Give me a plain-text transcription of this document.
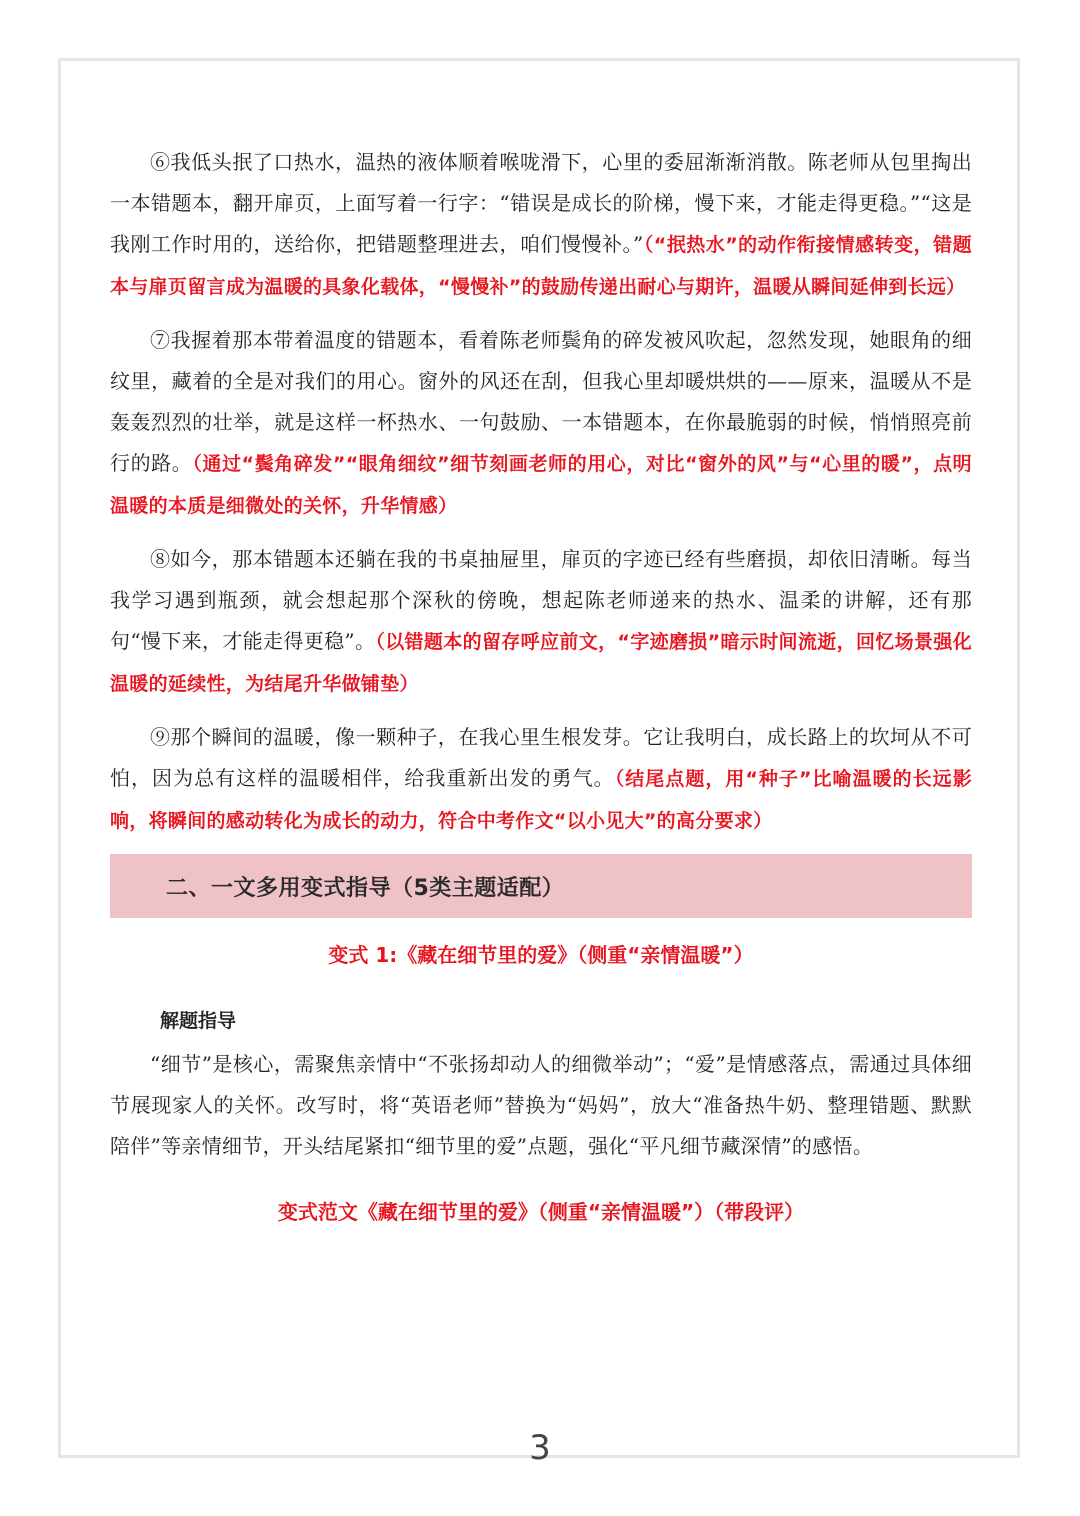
⑥我低头抿了口热水，温热的液体顺着喉咙滑下，心里的委屈渐渐消散。陈老师从包里掏出一本错题本，翻开扉页，上面写着一行字：“错误是成长的阶梯，慢下来，才能走得更稳。”“这是我刚工作时用的，送给你，把错题整理进去，咱们慢慢补。”（“抿热水”的动作衔接情感转变，错题本与扉页留言成为温暖的具象化载体，“慢慢补”的鼓励传递出耐心与期许，温暖从瞬间延伸到长远）

⑦我握着那本带着温度的错题本，看着陈老师鬓角的碎发被风吹起，忽然发现，她眼角的细纹里，藏着的全是对我们的用心。窗外的风还在刮，但我心里却暖烘烘的——原来，温暖从不是轰轰烈烈的壮举，就是这样一杯热水、一句鼓励、一本错题本，在你最脆弱的时候，悄悄照亮前行的路。（通过“鬓角碎发”“眼角细纹”细节刻画老师的用心，对比“窗外的风”与“心里的暖”，点明温暖的本质是细微处的关怀，升华情感）

⑧如今，那本错题本还躺在我的书桌抽屉里，扉页的字迹已经有些磨损，却依旧清晰。每当我学习遇到瓶颈，就会想起那个深秋的傍晚，想起陈老师递来的热水、温柔的讲解，还有那句“慢下来，才能走得更稳”。（以错题本的留存呼应前文，“字迹磨损”暗示时间流逝，回忆场景强化温暖的延续性，为结尾升华做铺垫）

⑨那个瞬间的温暖，像一颗种子，在我心里生根发芽。它让我明白，成长路上的坎坷从不可怕，因为总有这样的温暖相伴，给我重新出发的勇气。（结尾点题，用“种子”比喻温暖的长远影响，将瞬间的感动转化为成长的动力，符合中考作文“以小见大”的高分要求）

二、一文多用变式指导（5类主题适配）
变式 1:《藏在细节里的爱》（侧重“亲情温暖”）
解题指导

“细节”是核心，需聚焦亲情中“不张扬却动人的细微举动”；“爱”是情感落点，需通过具体细节展现家人的关怀。改写时，将“英语老师”替换为“妈妈”，放大“准备热牛奶、整理错题、默默陪伴”等亲情细节，开头结尾紧扣“细节里的爱”点题，强化“平凡细节藏深情”的感悟。

变式范文《藏在细节里的爱》（侧重“亲情温暖”）（带段评）
3
